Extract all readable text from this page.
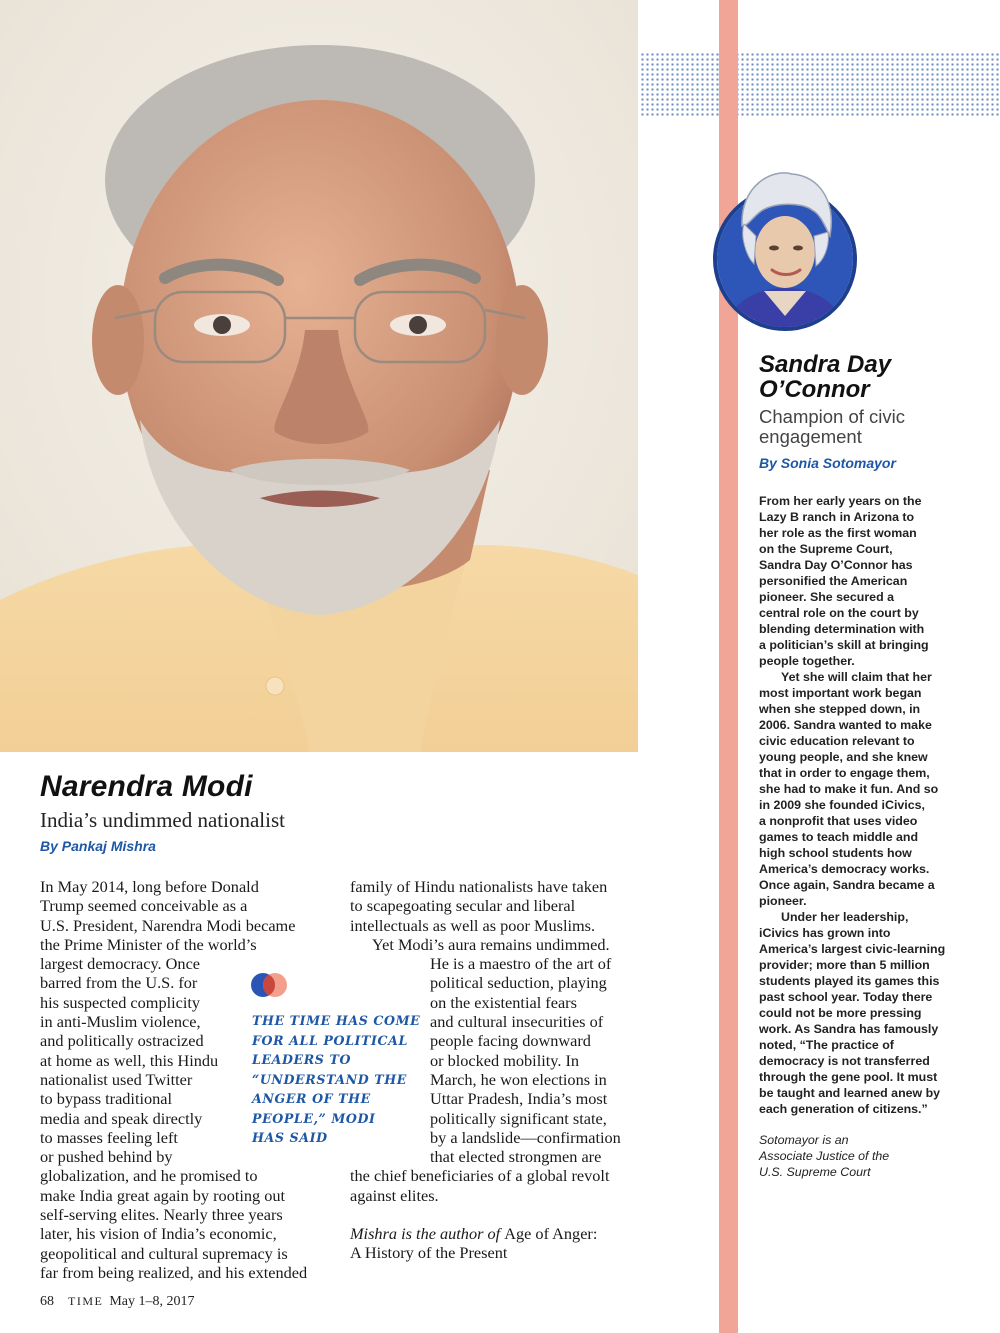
Narendra Modi
India’s undimmed nationalist
By Pankaj Mishra
In May 2014, long before Donald
Trump seemed conceivable as a
U.S. President, Narendra Modi became
the Prime Minister of the world’s
largest democracy. Once
barred from the U.S. for
his suspected complicity
in anti-Muslim violence,
and politically ostracized
at home as well, this Hindu
nationalist used Twitter
to bypass traditional
media and speak directly
to masses feeling left
or pushed behind by
globalization, and he promised to
make India great again by rooting out
self-serving elites. Nearly three years
later, his vision of India’s economic,
geopolitical and cultural supremacy is
far from being realized, and his extended
family of Hindu nationalists have taken
to scapegoating secular and liberal
intellectuals as well as poor Muslims.
Yet Modi’s aura remains undimmed.
He is a maestro of the art of
political seduction, playing
on the existential fears
and cultural insecurities of
people facing downward
or blocked mobility. In
March, he won elections in
Uttar Pradesh, India’s most
politically significant state,
by a landslide—confirmation
that elected strongmen are
the chief beneficiaries of a global revolt
against elites.
Mishra is the author of Age of Anger:
A History of the Present
THE TIME HAS COME
FOR ALL POLITICAL
LEADERS TO
“UNDERSTAND THE
ANGER OF THE
PEOPLE,” MODI
HAS SAID
68 TIME May 1–8, 2017
Sandra Day
O’Connor
Champion of civic
engagement
By Sonia Sotomayor
From her early years on the
Lazy B ranch in Arizona to
her role as the first woman
on the Supreme Court,
Sandra Day O’Connor has
personified the American
pioneer. She secured a
central role on the court by
blending determination with
a politician’s skill at bringing
people together.
Yet she will claim that her
most important work began
when she stepped down, in
2006. Sandra wanted to make
civic education relevant to
young people, and she knew
that in order to engage them,
she had to make it fun. And so
in 2009 she founded iCivics,
a nonprofit that uses video
games to teach middle and
high school students how
America’s democracy works.
Once again, Sandra became a
pioneer.
Under her leadership,
iCivics has grown into
America’s largest civic-learning
provider; more than 5 million
students played its games this
past school year. Today there
could not be more pressing
work. As Sandra has famously
noted, “The practice of
democracy is not transferred
through the gene pool. It must
be taught and learned anew by
each generation of citizens.”
Sotomayor is an
Associate Justice of the
U.S. Supreme Court
